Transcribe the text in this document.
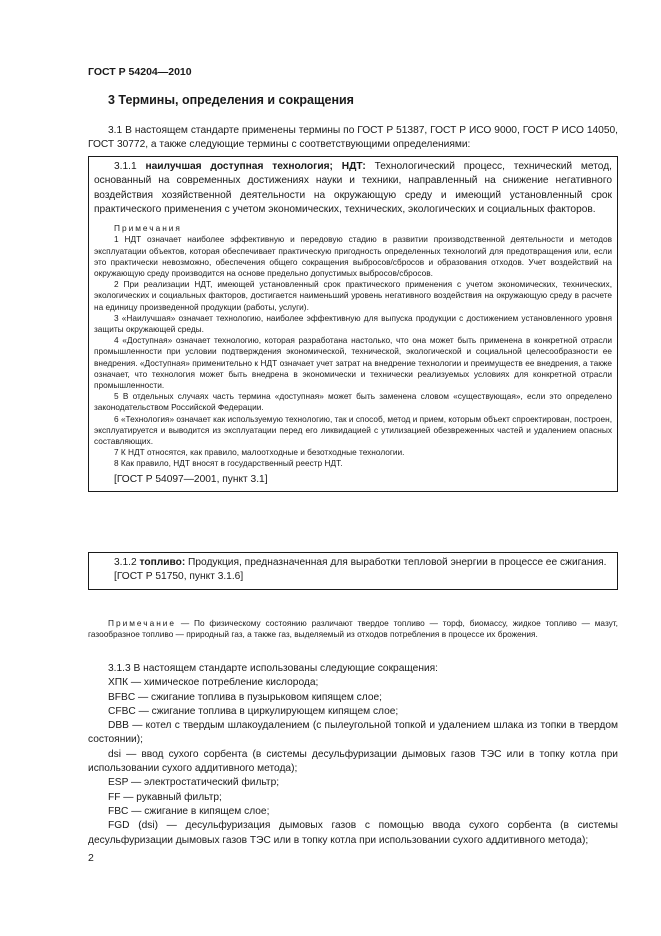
ГОСТ Р 54204—2010
3 Термины, определения и сокращения

3.1 В настоящем стандарте применены термины по ГОСТ Р 51387, ГОСТ Р ИСО 9000, ГОСТ Р ИСО 14050, ГОСТ 30772, а также следующие термины с соответствующими определениями:

3.1.1 наилучшая доступная технология; НДТ: Технологический процесс, технический метод, основанный на современных достижениях науки и техники, направленный на снижение негативного воздействия хозяйственной деятельности на окружающую среду и имеющий установленный срок практического применения с учетом экономических, технических, экологических и социальных факторов.

Примечания

1 НДТ означает наиболее эффективную и передовую стадию в развитии производственной деятельности и методов эксплуатации объектов, которая обеспечивает практическую пригодность определенных технологий для предотвращения или, если это практически невозможно, обеспечения общего сокращения выбросов/сбросов и образования отходов. Учет воздействий на окружающую среду производится на основе предельно допустимых выбросов/сбросов.

2 При реализации НДТ, имеющей установленный срок практического применения с учетом экономических, технических, экологических и социальных факторов, достигается наименьший уровень негативного воздействия на окружающую среду в расчете на единицу произведенной продукции (работы, услуги).

3 «Наилучшая» означает технологию, наиболее эффективную для выпуска продукции с достижением установленного уровня защиты окружающей среды.

4 «Доступная» означает технологию, которая разработана настолько, что она может быть применена в конкретной отрасли промышленности при условии подтверждения экономической, технической, экологической и социальной целесообразности ее внедрения. «Доступная» применительно к НДТ означает учет затрат на внедрение технологии и преимуществ ее внедрения, а также означает, что технология может быть внедрена в экономически и технически реализуемых условиях для конкретной отрасли промышленности.

5 В отдельных случаях часть термина «доступная» может быть заменена словом «существующая», если это определено законодательством Российской Федерации.

6 «Технология» означает как используемую технологию, так и способ, метод и прием, которым объект спроектирован, построен, эксплуатируется и выводится из эксплуатации перед его ликвидацией с утилизацией обезвреженных частей и удалением опасных составляющих.

7 К НДТ относятся, как правило, малоотходные и безотходные технологии.

8 Как правило, НДТ вносят в государственный реестр НДТ.

[ГОСТ Р 54097—2001, пункт 3.1]

3.1.2 топливо: Продукция, предназначенная для выработки тепловой энергии в процессе ее сжигания.

[ГОСТ Р 51750, пункт 3.1.6]

Примечание — По физическому состоянию различают твердое топливо — торф, биомассу, жидкое топливо — мазут, газообразное топливо — природный газ, а также газ, выделяемый из отходов потребления в процессе их брожения.

3.1.3 В настоящем стандарте использованы следующие сокращения:

ХПК — химическое потребление кислорода;

BFBC — сжигание топлива в пузырьковом кипящем слое;

CFBC — сжигание топлива в циркулирующем кипящем слое;

DBB — котел с твердым шлакоудалением (с пылеугольной топкой и удалением шлака из топки в твердом состоянии);

dsi — ввод сухого сорбента (в системы десульфуризации дымовых газов ТЭС или в топку котла при использовании сухого аддитивного метода);

ESP — электростатический фильтр;

FF — рукавный фильтр;

FBC — сжигание в кипящем слое;

FGD (dsi) — десульфуризация дымовых газов с помощью ввода сухого сорбента (в системы десульфуризации дымовых газов ТЭС или в топку котла при использовании сухого аддитивного метода);

2
